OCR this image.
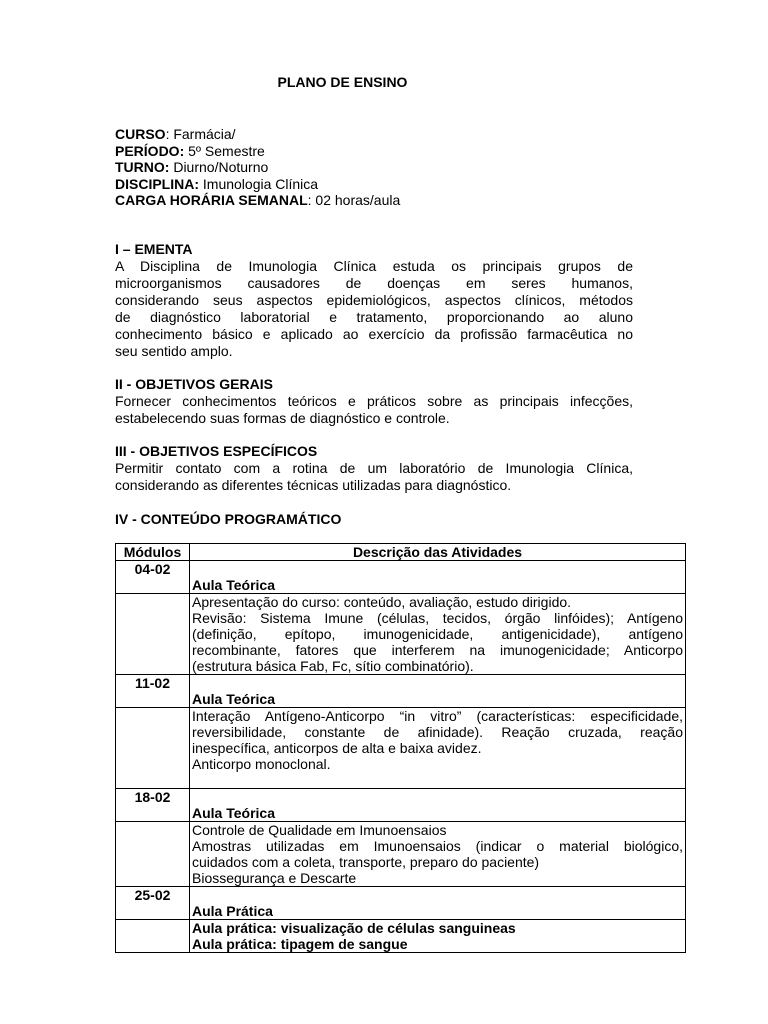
PLANO DE ENSINO
CURSO: Farmácia/
PERÍODO: 5º Semestre
TURNO: Diurno/Noturno
DISCIPLINA: Imunologia Clínica
CARGA HORÁRIA SEMANAL: 02 horas/aula
I – EMENTA
A Disciplina de Imunologia Clínica estuda os principais grupos de
microorganismos causadores de doenças em seres humanos,
considerando seus aspectos epidemiológicos, aspectos clínicos, métodos
de diagnóstico laboratorial e tratamento, proporcionando ao aluno
conhecimento básico e aplicado ao exercício da profissão farmacêutica no
seu sentido amplo.
II - OBJETIVOS GERAIS
Fornecer conhecimentos teóricos e práticos sobre as principais infecções,
estabelecendo suas formas de diagnóstico e controle.
III - OBJETIVOS ESPECÍFICOS
Permitir contato com a rotina de um laboratório de Imunologia Clínica,
considerando as diferentes técnicas utilizadas para diagnóstico.
IV - CONTEÚDO PROGRAMÁTICO
Módulos	Descrição das Atividades

04-02	Aula Teórica

	Apresentação do curso: conteúdo, avaliação, estudo dirigido.
Revisão: Sistema Imune (células, tecidos, órgão linfóides); Antígeno
(definição, epítopo, imunogenicidade, antigenicidade), antígeno
recombinante, fatores que interferem na imunogenicidade; Anticorpo
(estrutura básica Fab, Fc, sítio combinatório).

11-02	Aula Teórica

	Interação Antígeno-Anticorpo “in vitro” (características: especificidade,
reversibilidade, constante de afinidade). Reação cruzada, reação
inespecífica, anticorpos de alta e baixa avidez.
Anticorpo monoclonal.

18-02	Aula Teórica

	Controle de Qualidade em Imunoensaios
Amostras utilizadas em Imunoensaios (indicar o material biológico,
cuidados com a coleta, transporte, preparo do paciente)
Biossegurança e Descarte

25-02	Aula Prática

	Aula prática: visualização de células sanguineas
Aula prática: tipagem de sangue
